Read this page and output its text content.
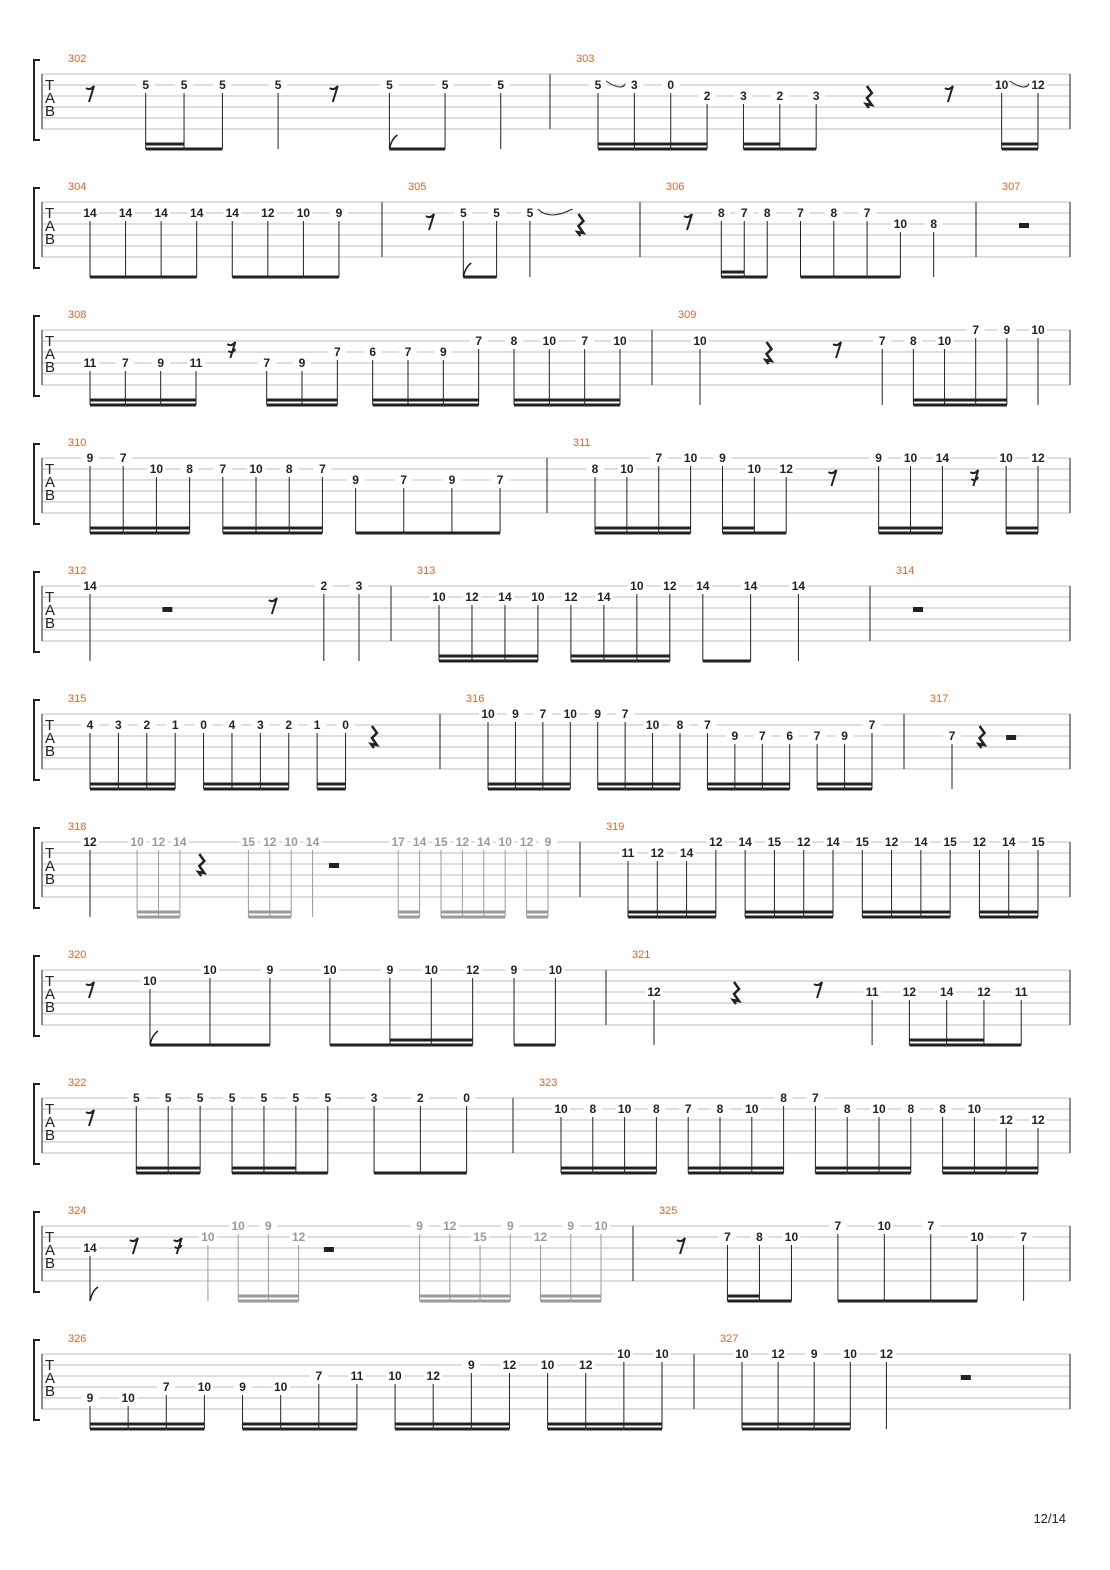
T
A
B
302
5	5	5	5	5	5	5
303
5 3 0
2 3 2 3
10 12
T
A
B
304
14 14 14 14 14 12 10 9
305
5 5 5
306
8 7 8 7 8 7
10 8
307
T
A
B
308
11 7 9 11	7 9
7 6 7 9
7 8 10 7 10
309
10	7 8 10
7 9 10
T
A
B
310
9 7
10 8 7 10 8 7
9	7	9	7
311
8 10
7 10 9
10 12
9 10 14	10 12
T
A
B
312
14	2 3
313
10 12 14 10 12 14
10 12 14	14	14
314
T
A
B
315
4 3 2 1 0 4 3 2 1 0
316
10 9 7 10 9 7
10 8 7
9 7 6 7 9
7
317
7
T
A
B
318
12	10 12 14	15 12 10 14	17 14 15 12 14 10 12 9
319
11 12 14
12 14 15 12 14 15 12 14 15 12 14 15
T
A
B
320
10
10	9	10	9	10 12	9	10
321
12	11 12 14 12 11
T
A
B
322
5 5 5 5 5 5 5	3	2	0
323
10 8 10 8 7 8 10
8 7
8 10 8 8 10
12 12
T
A
B
324
14
10
10 9
12
9 12
15
9
12
9 10
325
7 8 10
7	10	7
10	7
T
A
B
326
9 10
7 10 9 10
7 11 10 12
9 12 10 12
10 10
327
10 12 9 10 12
12/14
